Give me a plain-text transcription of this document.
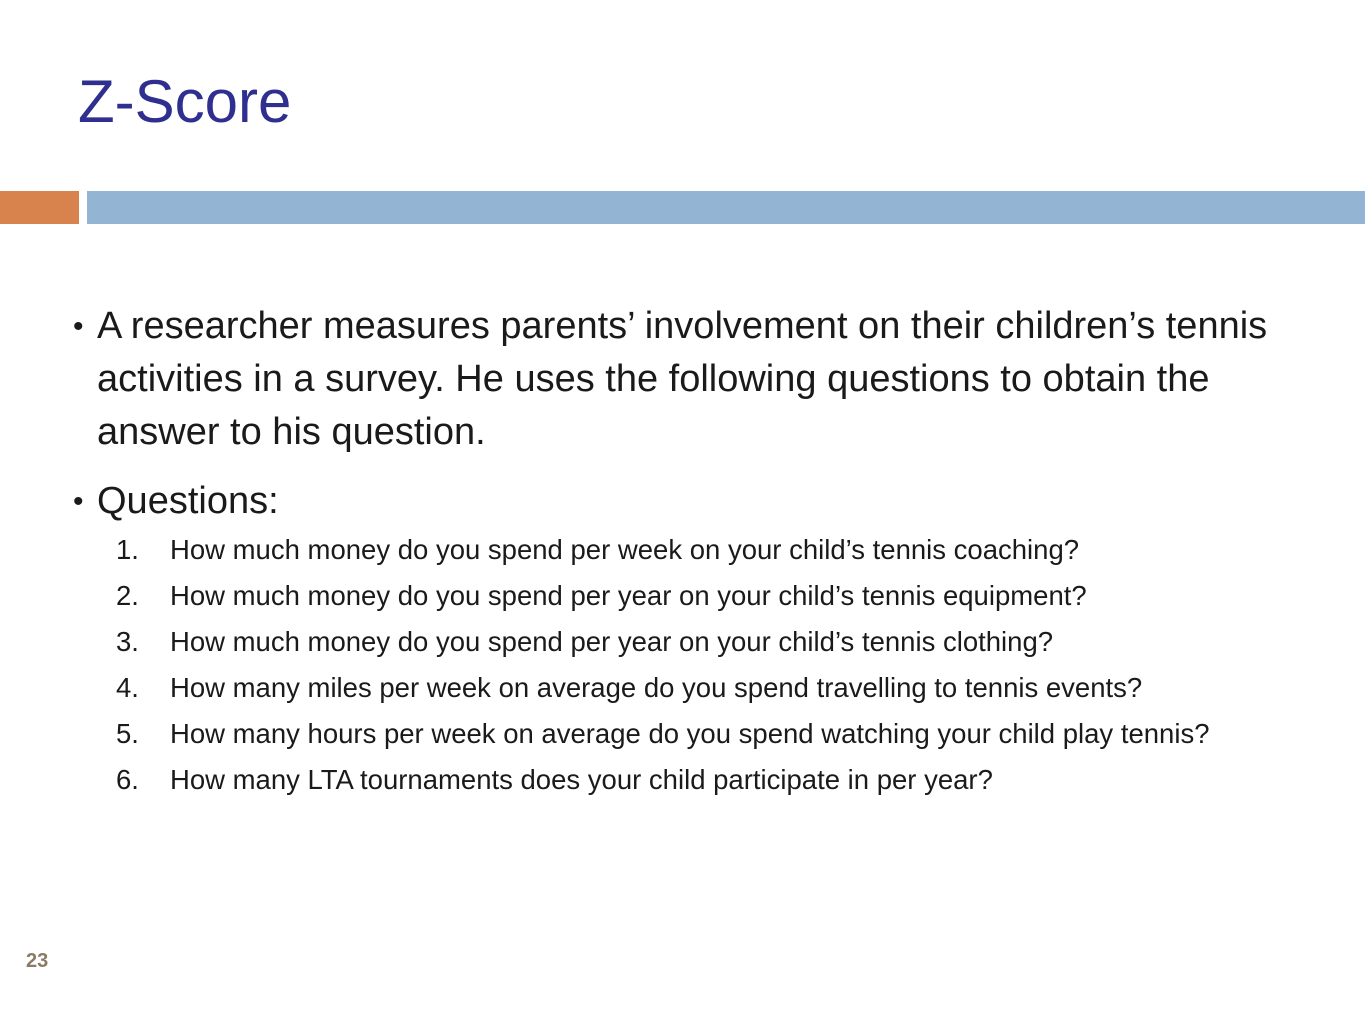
Z-Score

• A researcher measures parents’ involvement on their children’s tennis activities in a survey. He uses the following questions to obtain the answer to his question.

• Questions:

1. How much money do you spend per week on your child’s tennis coaching?
2. How much money do you spend per year on your child’s tennis equipment?
3. How much money do you spend per year on your child’s tennis clothing?
4. How many miles per week on average do you spend travelling to tennis events?
5. How many hours per week on average do you spend watching your child play tennis?
6. How many LTA tournaments does your child participate in per year?
23
